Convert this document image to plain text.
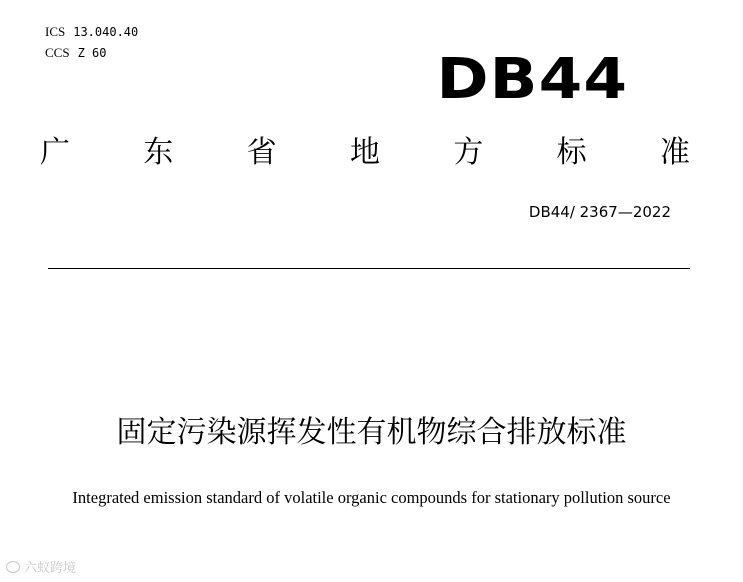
ICS 13.040.40
CCS Z 60	DB44
广 东 省 地 方 标 准
DB44/ 2367—2022
固定污染源挥发性有机物综合排放标准
Integrated emission standard of volatile organic compounds for stationary pollution source
六蚁跨境
